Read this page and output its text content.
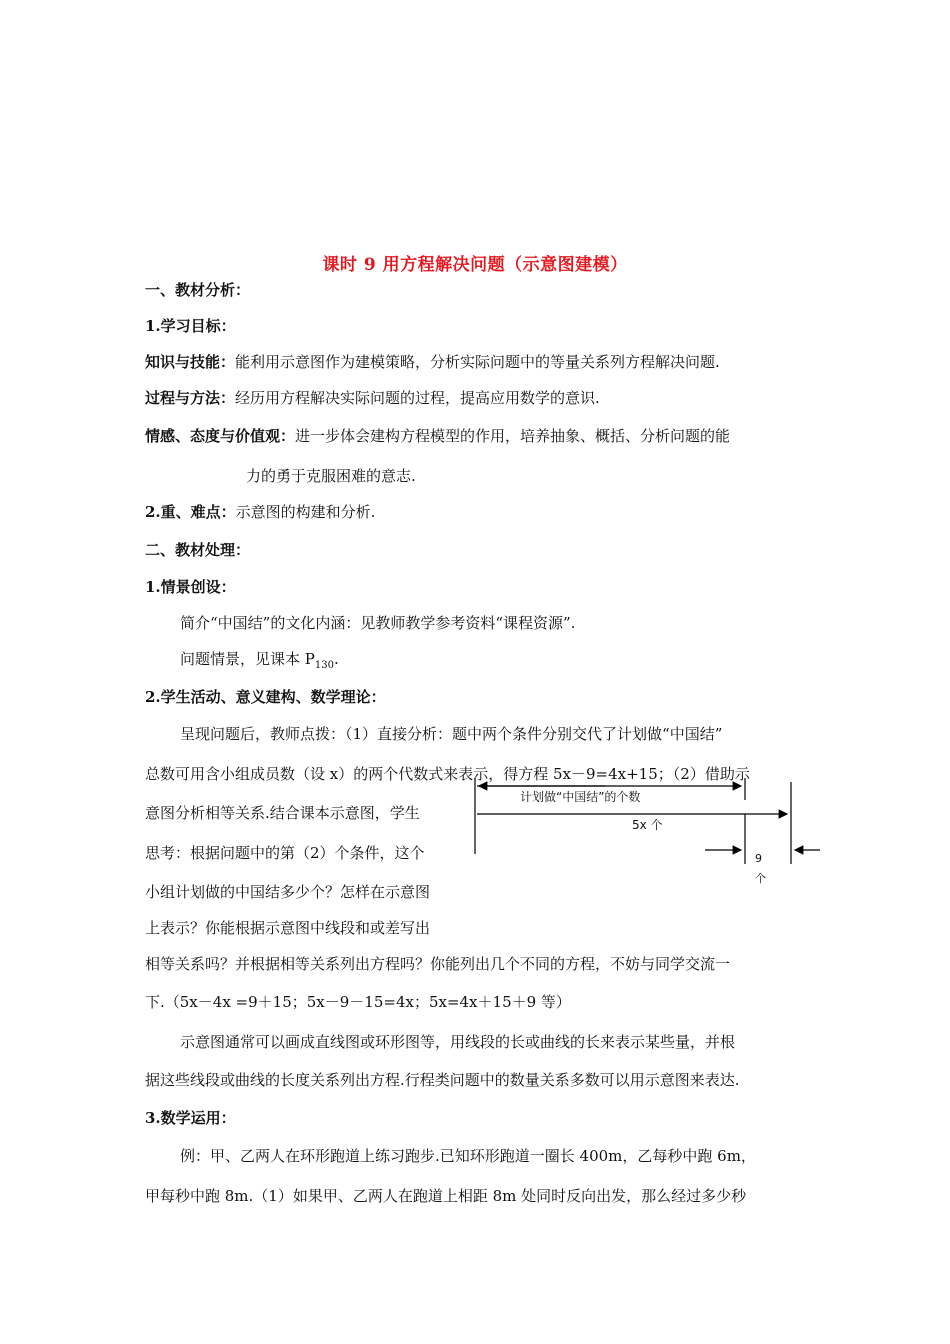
课时 9 用方程解决问题（示意图建模）
一、教材分析：
1.学习目标：
知识与技能：能利用示意图作为建模策略，分析实际问题中的等量关系列方程解决问题.
过程与方法：经历用方程解决实际问题的过程，提高应用数学的意识.
情感、态度与价值观：进一步体会建构方程模型的作用，培养抽象、概括、分析问题的能
力的勇于克服困难的意志.
2.重、难点：示意图的构建和分析.
二、教材处理：
1.情景创设：
简介“中国结”的文化内涵：见教师教学参考资料“课程资源”.
问题情景，见课本 $P_{130}$.
2.学生活动、意义建构、数学理论：
呈现问题后，教师点拨：（1）直接分析：题中两个条件分别交代了计划做“中国结”
总数可用含小组成员数（设 x）的两个代数式来表示，得方程 5x－9=4x+15；（2）借助示
意图分析相等关系.结合课本示意图，学生
思考：根据问题中的第（2）个条件，这个
小组计划做的中国结多少个？怎样在示意图
上表示？你能根据示意图中线段和或差写出
相等关系吗？并根据相等关系列出方程吗？你能列出几个不同的方程，不妨与同学交流一
下.（5x－4x =9＋15；5x－9－15=4x；5x=4x＋15＋9 等）
示意图通常可以画成直线图或环形图等，用线段的长或曲线的长来表示某些量，并根
据这些线段或曲线的长度关系列出方程.行程类问题中的数量关系多数可以用示意图来表达.
3.数学运用：
例：甲、乙两人在环形跑道上练习跑步.已知环形跑道一圈长 400m，乙每秒中跑 6m，
甲每秒中跑 8m.（1）如果甲、乙两人在跑道上相距 8m 处同时反向出发，那么经过多少秒
计划做“中国结”的个数
5x 个
9
个
